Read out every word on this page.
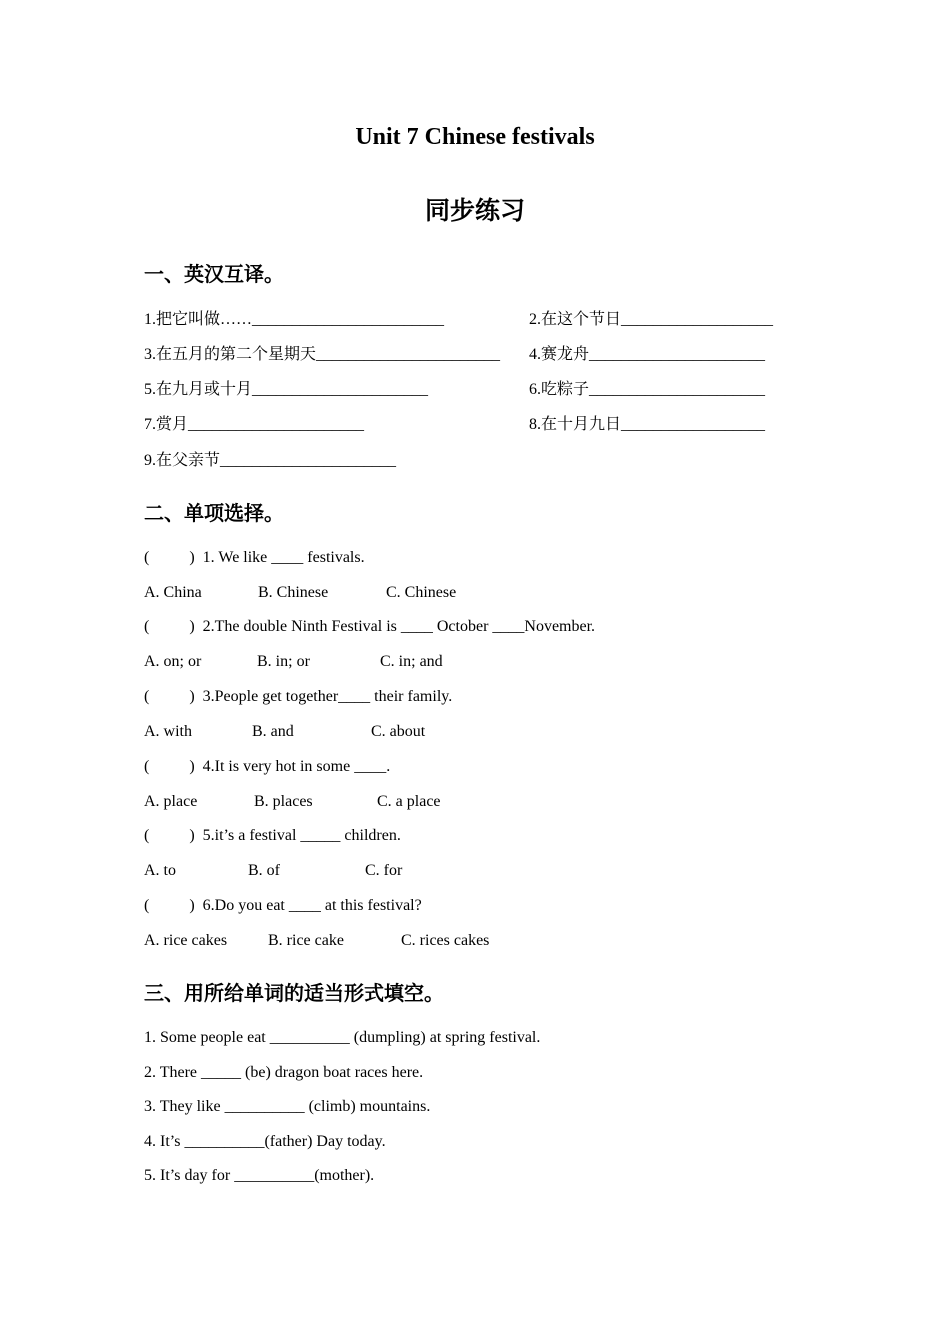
Unit 7 Chinese festivals
同步练习
一、英汉互译。
1.把它叫做……________________________	2.在这个节日___________________
3.在五月的第二个星期天_______________________ 4.赛龙舟______________________
5.在九月或十月______________________	6.吃粽子______________________
7.赏月______________________	8.在十月九日__________________
9.在父亲节______________________
二、单项选择。
(          )  1. We like ____ festivals.
A. China	B. Chinese	C. Chinese
(          )  2.The double Ninth Festival is ____ October ____November.
A. on; or	B. in; or	C. in; and
(          )  3.People get together____ their family.
A. with	B. and	C. about
(          )  4.It is very hot in some ____.
A. place	B. places	C. a place
(          )  5.it’s a festival _____ children.
A. to	B. of	C. for
(          )  6.Do you eat ____ at this festival?
A. rice cakes	B. rice cake	C. rices cakes
三、用所给单词的适当形式填空。
1. Some people eat __________ (dumpling) at spring festival.
2. There _____ (be) dragon boat races here.
3. They like __________ (climb) mountains.
4. It’s __________(father) Day today.
5. It’s day for __________(mother).
